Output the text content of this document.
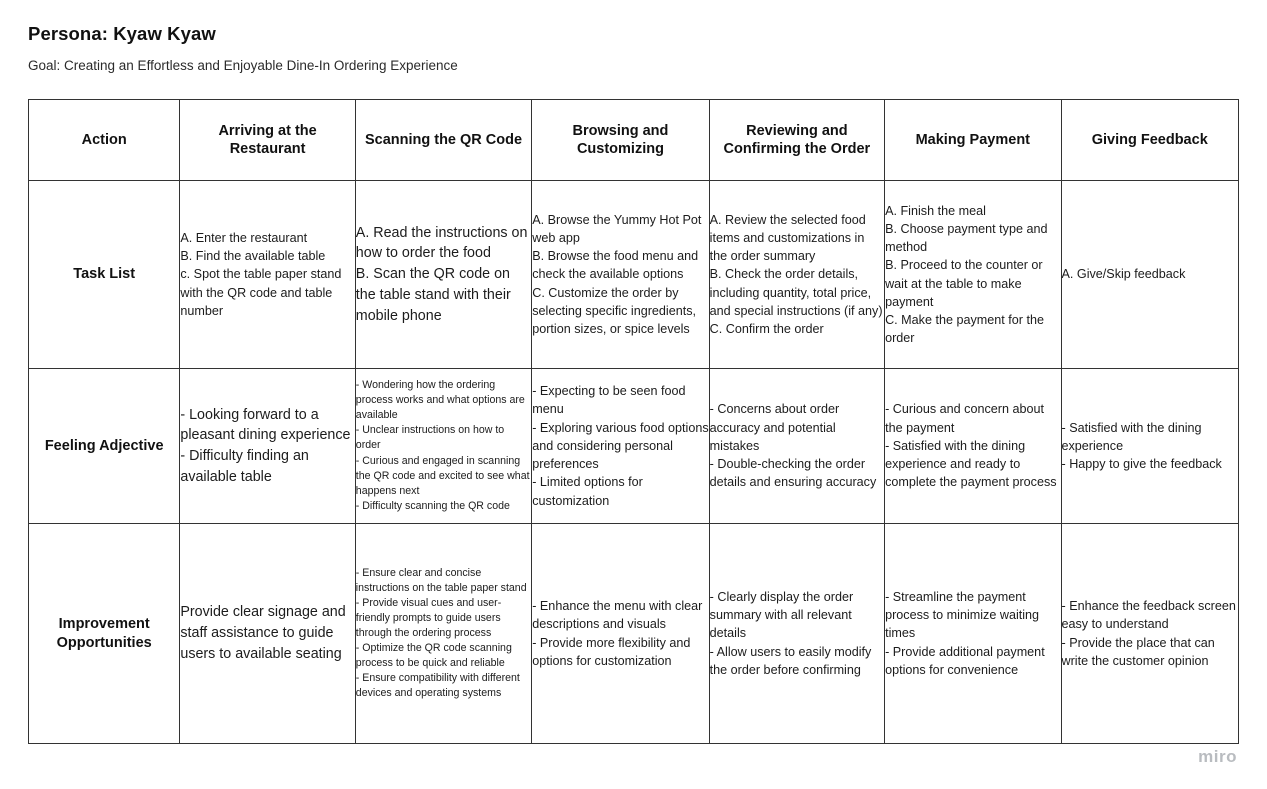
Persona: Kyaw Kyaw
Goal: Creating an Effortless and Enjoyable Dine-In Ordering Experience
Action	Arriving at the Restaurant	Scanning the QR Code	Browsing and Customizing	Reviewing and Confirming the Order	Making Payment	Giving Feedback
Task List	
A. Enter the restaurant
B. Find the available table
c. Spot the table paper stand with the QR code and table number

A. Read the instructions on how to order the food
B. Scan the QR code on the table stand with their mobile phone

A. Browse the Yummy Hot Pot web app
B. Browse the food menu and check the available options
C. Customize the order by selecting specific ingredients, portion sizes, or spice levels

A. Review the selected food items and customizations in the order summary
B. Check the order details, including quantity, total price, and special instructions (if any) C. Confirm the order

A. Finish the meal
B. Choose payment type and method
B. Proceed to the counter or wait at the table to make payment
C. Make the payment for the order

A. Give/Skip feedback

Feeling Adjective	
- Looking forward to a pleasant dining experience
- Difficulty finding an available table

- Wondering how the ordering process works and what options are available
- Unclear instructions on how to order
- Curious and engaged in scanning the QR code and excited to see what happens next
- Difficulty scanning the QR code

- Expecting to be seen food menu
- Exploring various food options and considering personal preferences
- Limited options for customization

- Concerns about order accuracy and potential mistakes
- Double-checking the order details and ensuring accuracy

- Curious and concern about the payment
- Satisfied with the dining experience and ready to complete the payment process

- Satisfied with the dining experience
- Happy to give the feedback

Improvement Opportunities	
Provide clear signage and staff assistance to guide users to available seating

- Ensure clear and concise instructions on the table paper stand
- Provide visual cues and user-friendly prompts to guide users through the ordering process
- Optimize the QR code scanning process to be quick and reliable
- Ensure compatibility with different devices and operating systems

- Enhance the menu with clear descriptions and visuals
- Provide more flexibility and options for customization

- Clearly display the order summary with all relevant details
- Allow users to easily modify the order before confirming

- Streamline the payment process to minimize waiting times
- Provide additional payment options for convenience

- Enhance the feedback screen easy to understand
- Provide the place that can write the customer opinion
miro
